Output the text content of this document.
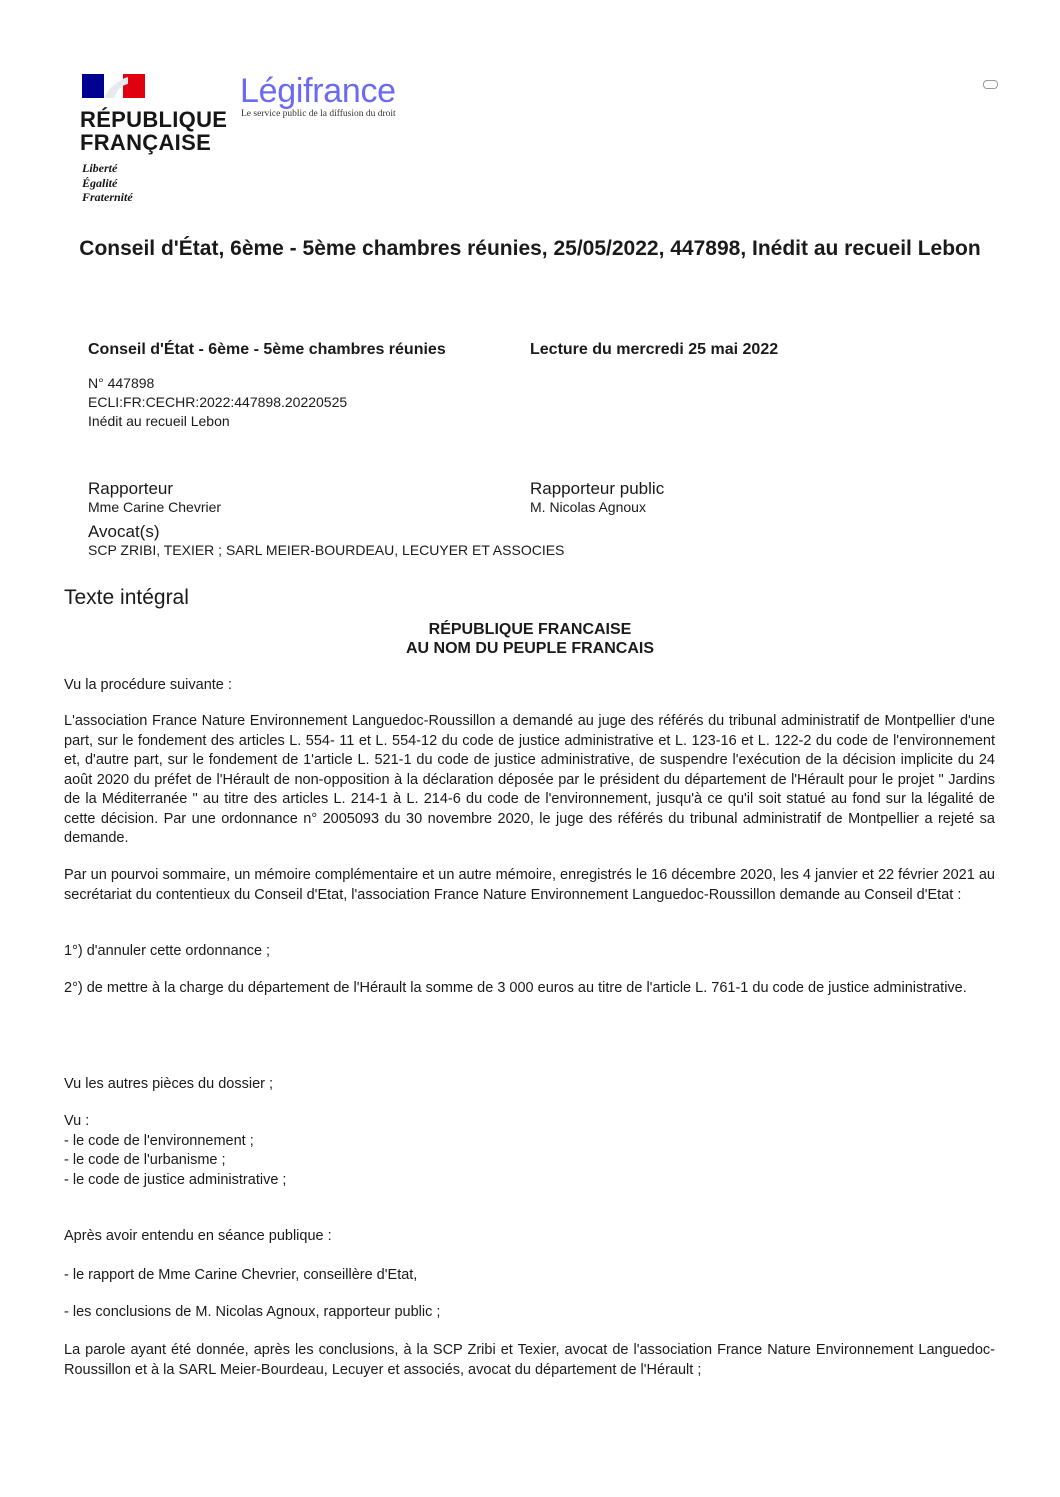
RÉPUBLIQUE
FRANÇAISE
Liberté
Égalité
Fraternité
Légifrance
Le service public de la diffusion du droit
Conseil d'État, 6ème - 5ème chambres réunies, 25/05/2022, 447898, Inédit au recueil Lebon
Conseil d'État - 6ème - 5ème chambres réunies	Lecture du mercredi 25 mai 2022
N° 447898
ECLI:FR:CECHR:2022:447898.20220525
Inédit au recueil Lebon
Rapporteur
Mme Carine Chevrier
Rapporteur public
M. Nicolas Agnoux
Avocat(s)
SCP ZRIBI, TEXIER ; SARL MEIER-BOURDEAU, LECUYER ET ASSOCIES
Texte intégral
RÉPUBLIQUE FRANCAISE
AU NOM DU PEUPLE FRANCAIS

Vu la procédure suivante :

L'association France Nature Environnement Languedoc-Roussillon a demandé au juge des référés du tribunal administratif de Montpellier d'une part, sur le fondement des articles L. 554- 11 et L. 554-12 du code de justice administrative et L. 123-16 et L. 122-2 du code de l'environnement et, d'autre part, sur le fondement de 1'article L. 521-1 du code de justice administrative, de suspendre l'exécution de la décision implicite du 24 août 2020 du préfet de l'Hérault de non-opposition à la déclaration déposée par le président du département de l'Hérault pour le projet " Jardins de la Méditerranée " au titre des articles L. 214-1 à L. 214-6 du code de l'environnement, jusqu'à ce qu'il soit statué au fond sur la légalité de cette décision. Par une ordonnance n° 2005093 du 30 novembre 2020, le juge des référés du tribunal administratif de Montpellier a rejeté sa demande.

Par un pourvoi sommaire, un mémoire complémentaire et un autre mémoire, enregistrés le 16 décembre 2020, les 4 janvier et 22 février 2021 au secrétariat du contentieux du Conseil d'Etat, l'association France Nature Environnement Languedoc-Roussillon demande au Conseil d'Etat :

1°) d'annuler cette ordonnance ;

2°) de mettre à la charge du département de l'Hérault la somme de 3 000 euros au titre de l'article L. 761-1 du code de justice administrative.

Vu les autres pièces du dossier ;

Vu :
- le code de l'environnement ;
- le code de l'urbanisme ;
- le code de justice administrative ;

Après avoir entendu en séance publique :

- le rapport de Mme Carine Chevrier, conseillère d'Etat,

- les conclusions de M. Nicolas Agnoux, rapporteur public ;

La parole ayant été donnée, après les conclusions, à la SCP Zribi et Texier, avocat de l'association France Nature Environnement Languedoc-Roussillon et à la SARL Meier-Bourdeau, Lecuyer et associés, avocat du département de l'Hérault ;
